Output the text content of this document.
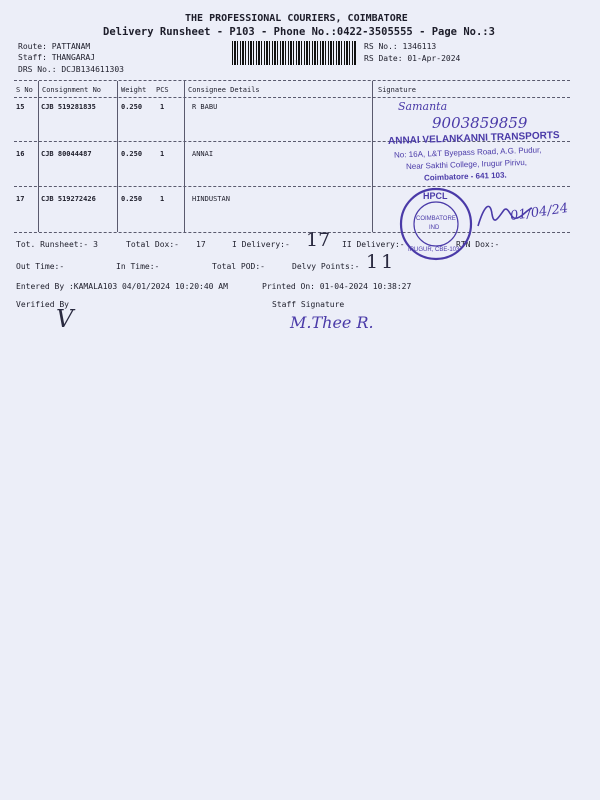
THE PROFESSIONAL COURIERS, COIMBATORE
Delivery Runsheet - P103 - Phone No.:0422-3505555 - Page No.:3
Route: PATTANAM
Staff: THANGARAJ
DRS No.: DCJB134611303
RS No.: 1346113
RS Date: 01-Apr-2024
S No Consignment No	Weight PCS	Consignee Details	Signature
15 CJB 519281835	0.250	1	R BABU
16 CJB 80044487	0.250	1	ANNAI
17 CJB 519272426	0.250	1	HINDUSTAN
Tot. Runsheet:- 3	Total Dox:- 17	I Delivery:-	II Delivery:-	RTN Dox:-
17
Out Time:-	In Time:-	Total POD:-	Delvy Points:- 11
Entered By :KAMALA103 04/01/2024 10:20:40 AM	Printed On: 01-04-2024 10:38:27
Verified By	Staff Signature
V	M.Thee R.
Samanta
9003859859
ANNAI VELANKANNI TRANSPORTS
No: 16A, L&T Byepass Road, A.G. Pudur,
Near Sakthi College, Irugur Pirivu,
Coimbatore - 641 103.
HPCL
COIMBATORE
IND
IRUGUR, CBE-103
01/04/24
